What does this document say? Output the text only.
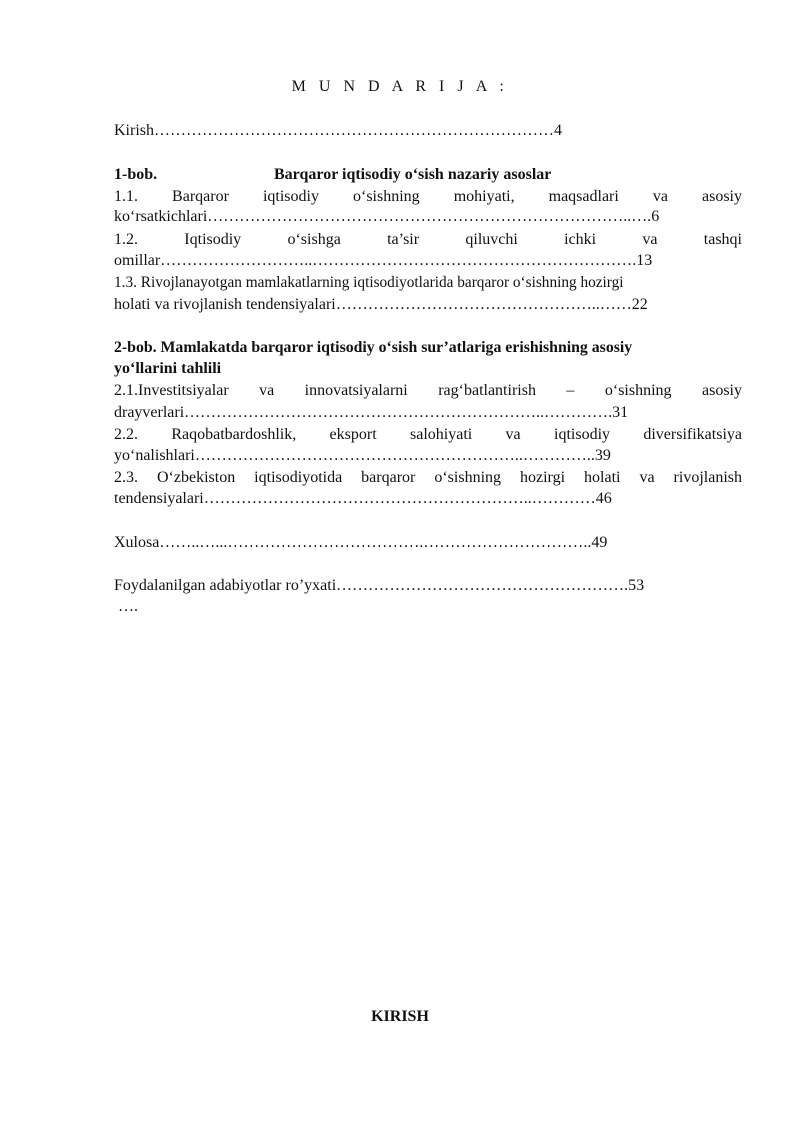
M U N D A R I J A :
Kirish…………………………………………………………………4
1-bob.	Barqaror iqtisodiy o‘sish nazariy asoslar
1.1. Barqaror iqtisodiy o‘sishning mohiyati, maqsadlari va asosiy
ko‘rsatkichlari……………………………………………………………………..….6
1.2. Iqtisodiy o‘sishga ta’sir qiluvchi ichki va tashqi
omillar………………………..…………………………………………………….13
1.3. Rivojlanayotgan mamlakatlarning iqtisodiyotlarida barqaror o‘sishning hozirgi
holati va rivojlanish tendensiyalari…………………………………………..……22
2-bob. Mamlakatda barqaror iqtisodiy o‘sish sur’atlariga erishishning asosiy
yo‘llarini tahlili
2.1.Investitsiyalar va innovatsiyalarni rag‘batlantirish – o‘sishning asosiy
drayverlari…………………………………………………………..………….31
2.2. Raqobatbardoshlik, eksport salohiyati va iqtisodiy diversifikatsiya
yo‘nalishlari……………………………………………………..…………..39
2.3. O‘zbekiston iqtisodiyotida barqaror o‘sishning hozirgi holati va rivojlanish
tendensiyalari……………………………………………………..…………46
Xulosa……..…...……………………………….…………………………..49
Foydalanilgan adabiyotlar ro’yxati……………………………………………….53
….
KIRISH
